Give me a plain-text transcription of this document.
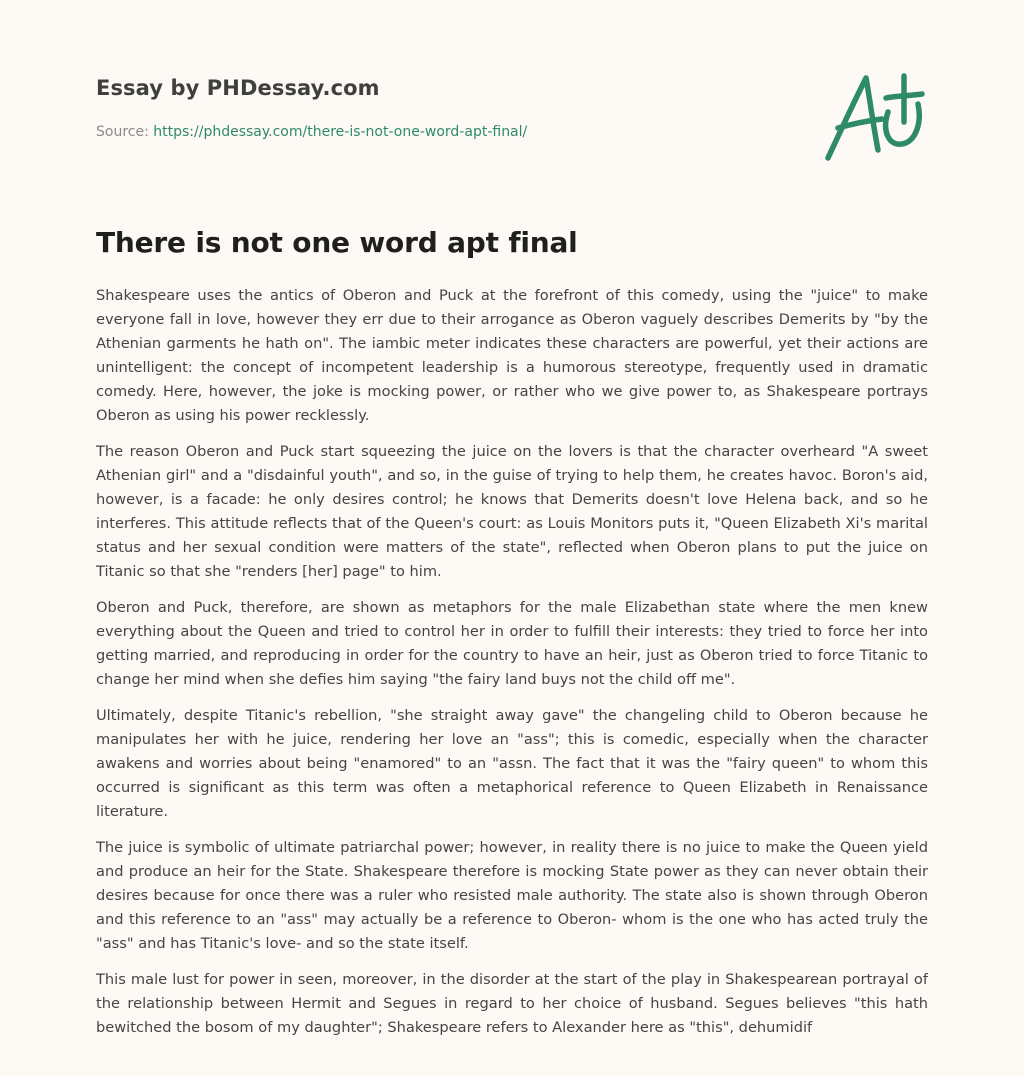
Essay by PHDessay.com
Source: https://phdessay.com/there-is-not-one-word-apt-final/
There is not one word apt final

Shakespeare uses the antics of Oberon and Puck at the forefront of this comedy, using the "juice" to make everyone fall in love, however they err due to their arrogance as Oberon vaguely describes Demerits by "by the Athenian garments he hath on". The iambic meter indicates these characters are powerful, yet their actions are unintelligent: the concept of incompetent leadership is a humorous stereotype, frequently used in dramatic comedy. Here, however, the joke is mocking power, or rather who we give power to, as Shakespeare portrays Oberon as using his power recklessly.

The reason Oberon and Puck start squeezing the juice on the lovers is that the character overheard "A sweet Athenian girl" and a "disdainful youth", and so, in the guise of trying to help them, he creates havoc. Boron's aid, however, is a facade: he only desires control; he knows that Demerits doesn't love Helena back, and so he interferes. This attitude reflects that of the Queen's court: as Louis Monitors puts it, "Queen Elizabeth Xi's marital status and her sexual condition were matters of the state", reflected when Oberon plans to put the juice on Titanic so that she "renders [her] page" to him.

Oberon and Puck, therefore, are shown as metaphors for the male Elizabethan state where the men knew everything about the Queen and tried to control her in order to fulfill their interests: they tried to force her into getting married, and reproducing in order for the country to have an heir, just as Oberon tried to force Titanic to change her mind when she defies him saying "the fairy land buys not the child off me".

Ultimately, despite Titanic's rebellion, "she straight away gave" the changeling child to Oberon because he manipulates her with he juice, rendering her love an "ass"; this is comedic, especially when the character awakens and worries about being "enamored" to an "assn. The fact that it was the "fairy queen" to whom this occurred is significant as this term was often a metaphorical reference to Queen Elizabeth in Renaissance literature.

The juice is symbolic of ultimate patriarchal power; however, in reality there is no juice to make the Queen yield and produce an heir for the State. Shakespeare therefore is mocking State power as they can never obtain their desires because for once there was a ruler who resisted male authority. The state also is shown through Oberon and this reference to an "ass" may actually be a reference to Oberon- whom is the one who has acted truly the "ass" and has Titanic's love- and so the state itself.

This male lust for power in seen, moreover, in the disorder at the start of the play in Shakespearean portrayal of the relationship between Hermit and Segues in regard to her choice of husband. Segues believes "this hath bewitched the bosom of my daughter"; Shakespeare refers to Alexander here as "this", dehumidif
